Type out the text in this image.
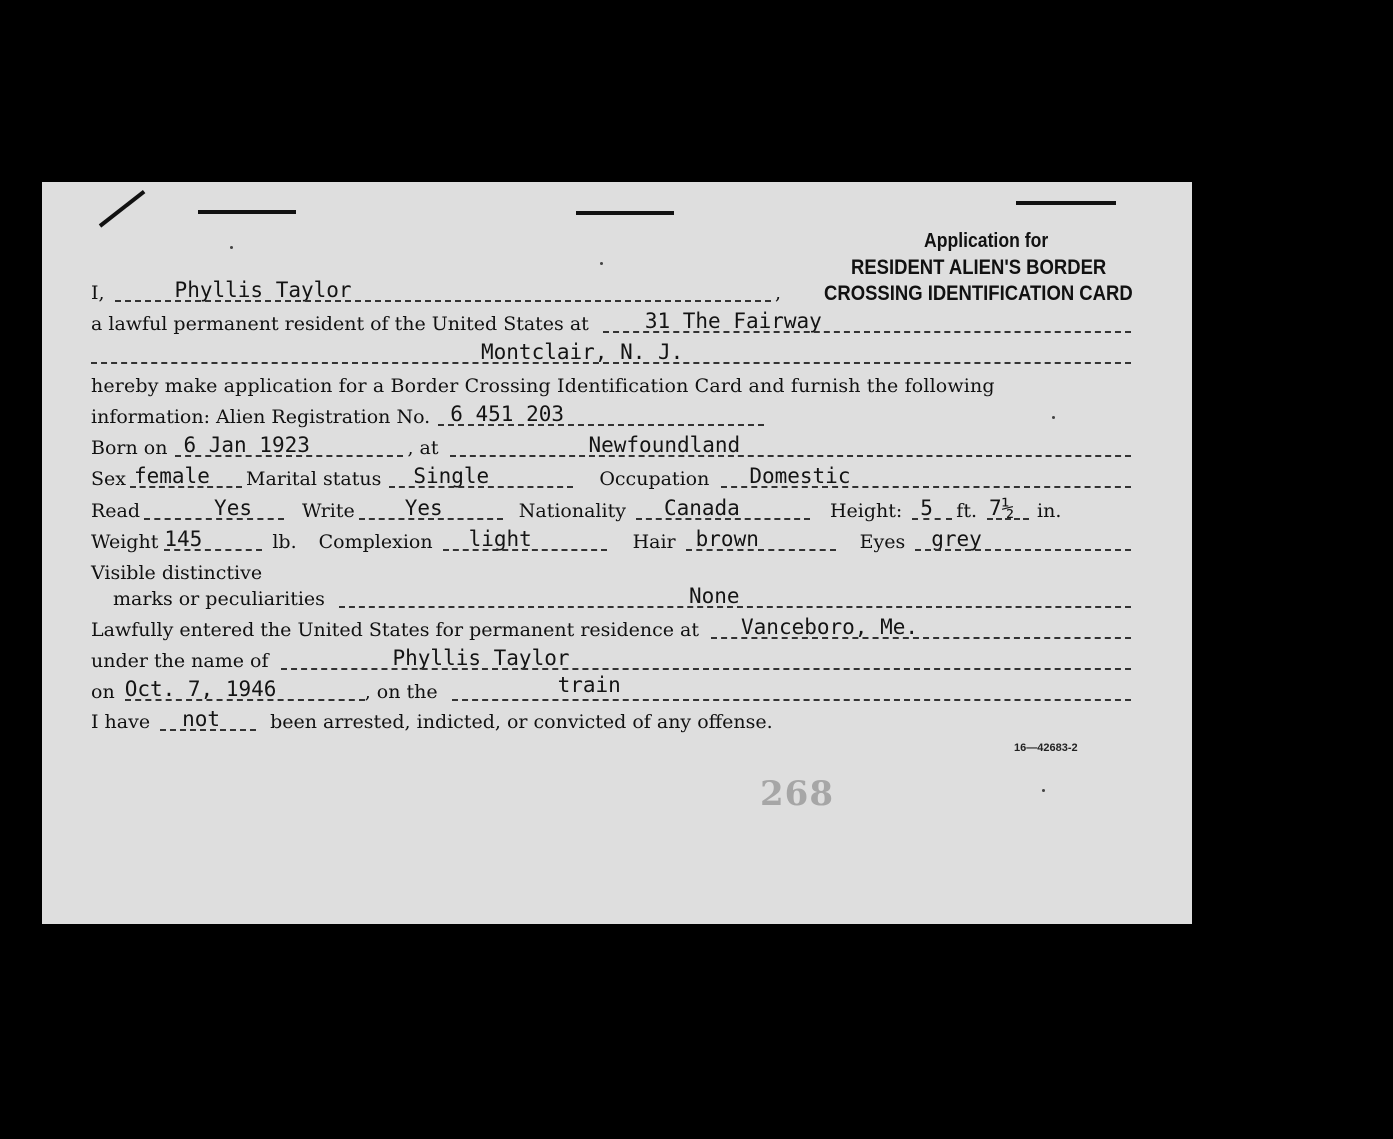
Application for
RESIDENT ALIEN'S BORDER
CROSSING IDENTIFICATION CARD
I,	Phyllis Taylor	,
a lawful permanent resident of the United States at	31 The Fairway
Montclair, N. J.
hereby make application for a Border Crossing Identification Card and furnish the following
information: Alien Registration No. 6 451 203
Born on 6 Jan 1923	, at	Newfoundland
Sex female Marital status Single	Occupation Domestic
Read	Yes	Write Yes	Nationality Canada	Height: 5 ft. 7½ in.
Weight 145	lb. Complexion light	Hair brown	Eyes grey
Visible distinctive
marks or peculiarities	None
Lawfully entered the United States for permanent residence at Vanceboro, Me.
under the name of	Phyllis Taylor
on Oct. 7, 1946	, on the	train
I have not	been arrested, indicted, or convicted of any offense.
16—42683-2
268
